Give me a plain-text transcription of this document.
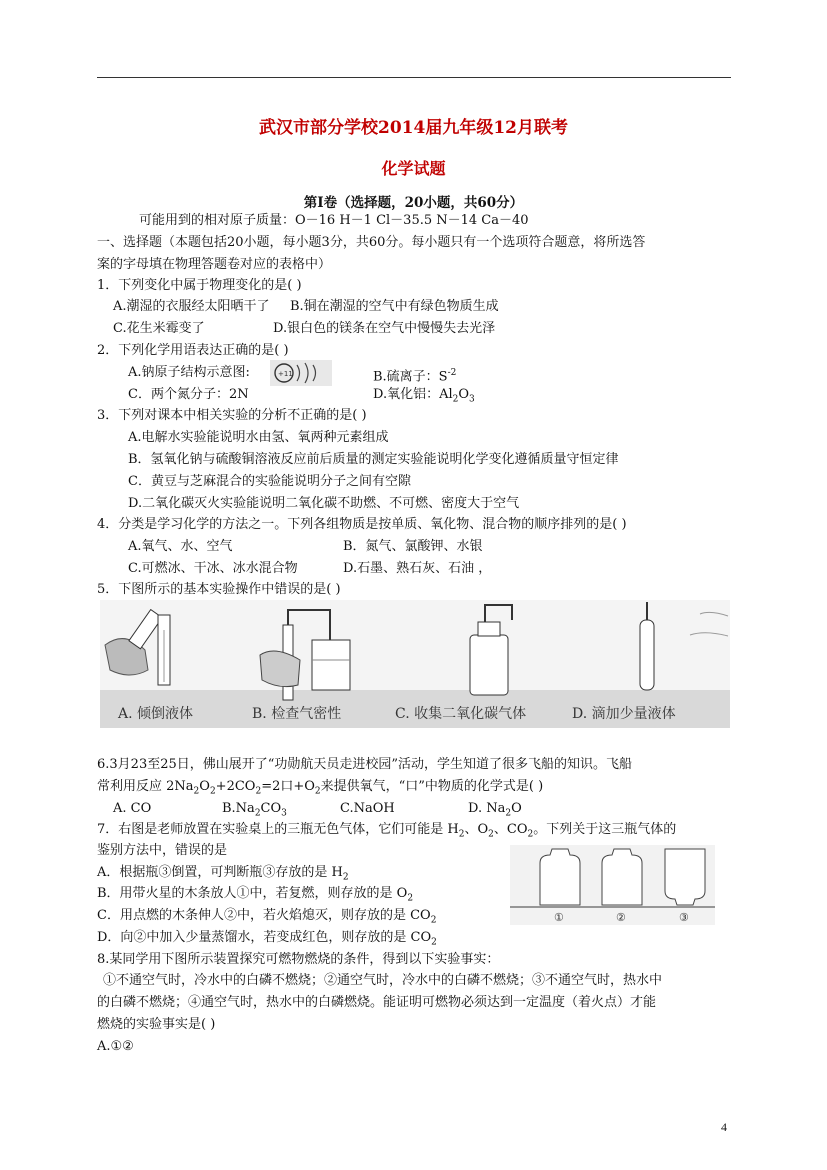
武汉市部分学校2014届九年级12月联考
化学试题
第Ⅰ卷（选择题，20小题，共60分）
可能用到的相对原子质量：O－16 H－1 Cl－35.5 N－14 Ca－40
一、选择题（本题包括20小题，每小题3分，共60分。每小题只有一个选项符合题意，将所选答
案的字母填在物理答题卷对应的表格中）
1．下列变化中属于物理变化的是( )
A.潮湿的衣服经太阳晒干了 B.铜在潮湿的空气中有绿色物质生成
C.花生米霉变了	D.银白色的镁条在空气中慢慢失去光泽
2．下列化学用语表达正确的是( )
A.钠原子结构示意图:	+11	B.硫离子：$S^{-2}$
C．两个氮分子：2N	D.氧化铝：$Al_2O_3$
3．下列对课本中相关实验的分析不正确的是( )
A.电解水实验能说明水由氢、氧两种元素组成
B．氢氧化钠与硫酸铜溶液反应前后质量的测定实验能说明化学变化遵循质量守恒定律
C．黄豆与芝麻混合的实验能说明分子之间有空隙
D.二氧化碳灭火实验能说明二氧化碳不助燃、不可燃、密度大于空气
4．分类是学习化学的方法之一。下列各组物质是按单质、氧化物、混合物的顺序排列的是( )
A.氧气、水、空气	B．氮气、氯酸钾、水银
C.可燃冰、干冰、冰水混合物	D.石墨、熟石灰、石油 ，
5．下图所示的基本实验操作中错误的是( )
A. 倾倒液体	B. 检查气密性	C. 收集二氧化碳气体	D. 滴加少量液体
6.3月23至25日，佛山展开了“功勋航天员走进校园”活动，学生知道了很多飞船的知识。飞船
常利用反应 $2Na_2O_2+2CO_2=2$口$+O_2$来提供氧气，“口”中物质的化学式是( )
A. CO	$B.Na_2CO_3$	C.NaOH	D. $Na_2O$
7．右图是老师放置在实验桌上的三瓶无色气体，它们可能是 $H_2$、$O_2$、$CO_2$。下列关于这三瓶气体的
鉴别方法中，错误的是
A．根据瓶③倒置，可判断瓶③存放的是 $H_2$
B．用带火星的木条放人①中，若复燃，则存放的是 $O_2$
C．用点燃的木条伸人②中，若火焰熄灭，则存放的是 $CO_2$
D．向②中加入少量蒸馏水，若变成红色，则存放的是 $CO_2$
①	②	③
8.某同学用下图所示装置探究可燃物燃烧的条件，得到以下实验事实：
①不通空气时，冷水中的白磷不燃烧；②通空气时，冷水中的白磷不燃烧；③不通空气时，热水中
的白磷不燃烧；④通空气时，热水中的白磷燃烧。能证明可燃物必须达到一定温度（着火点）才能
燃烧的实验事实是( )
A.①②
4
